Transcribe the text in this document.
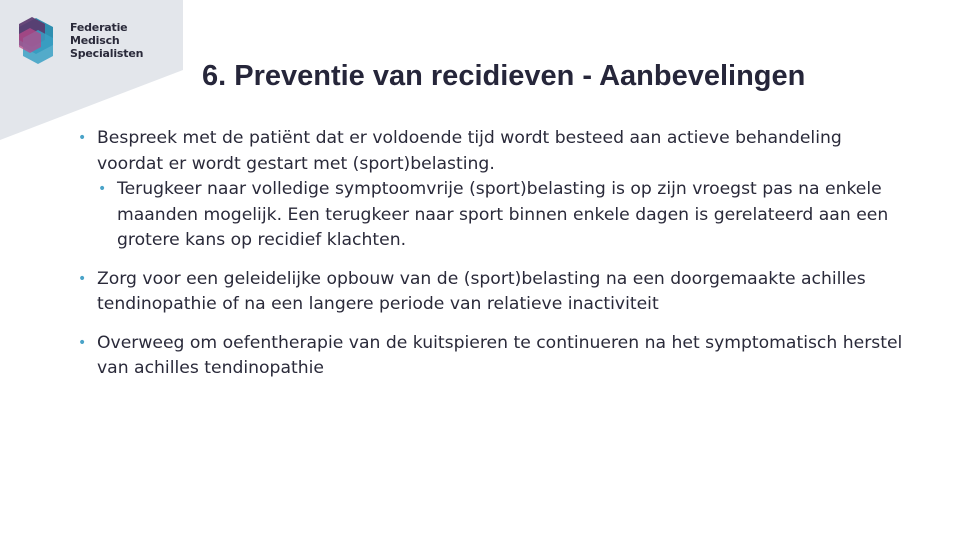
Federatie
Medisch
Specialisten
6. Preventie van recidieven - Aanbevelingen
• Bespreek met de patiënt dat er voldoende tijd wordt besteed aan actieve behandeling voordat er wordt gestart met (sport)belasting.
• Terugkeer naar volledige symptoomvrije (sport)belasting is op zijn vroegst pas na enkele maanden mogelijk. Een terugkeer naar sport binnen enkele dagen is gerelateerd aan een grotere kans op recidief klachten.
• Zorg voor een geleidelijke opbouw van de (sport)belasting na een doorgemaakte achilles tendinopathie of na een langere periode van relatieve inactiviteit
• Overweeg om oefentherapie van de kuitspieren te continueren na het symptomatisch herstel van achilles tendinopathie
